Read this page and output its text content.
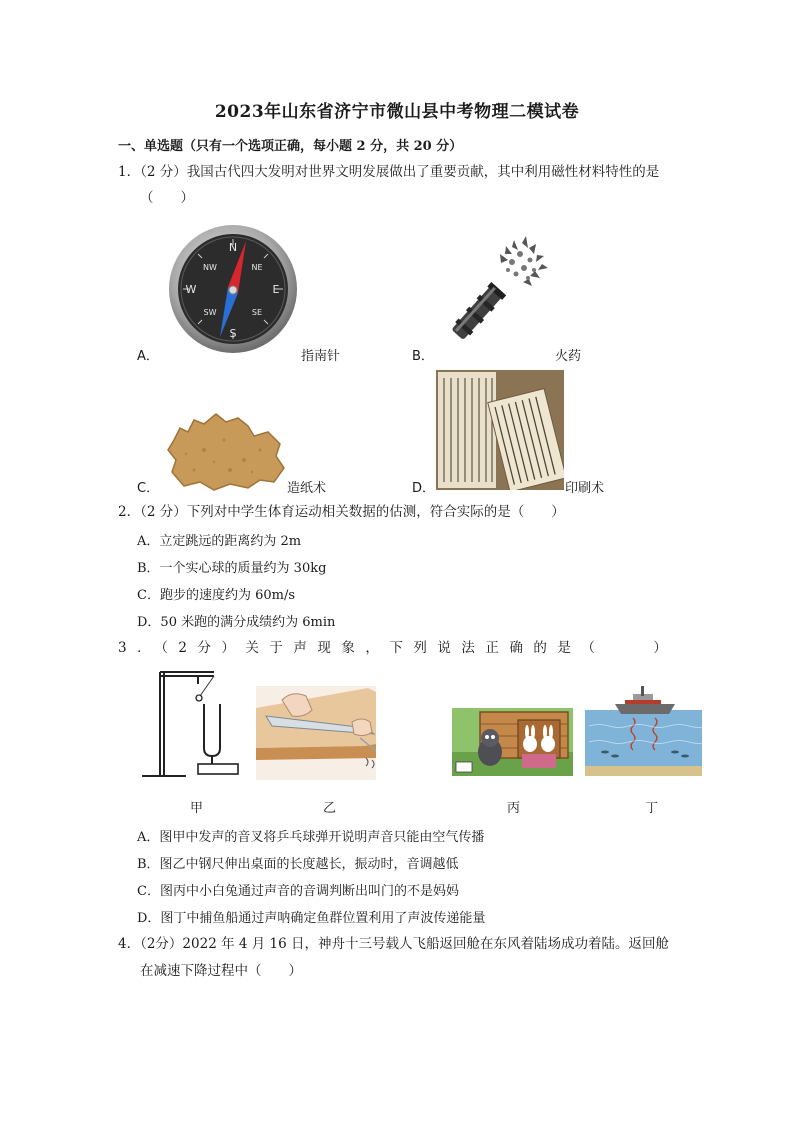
2023年山东省济宁市微山县中考物理二模试卷
一、单选题（只有一个选项正确，每小题 2 分，共 20 分）
1．（2 分）我国古代四大发明对世界文明发展做出了重要贡献，其中利用磁性材料特性的是
（　　）
N
S
E
W
NW	NE
SW	SE
A．	指南针	B．	火药
C．	造纸术	D．	印刷术
2．（2 分）下列对中学生体育运动相关数据的估测，符合实际的是（　　）
A．立定跳远的距离约为 2m
B．一个实心球的质量约为 30kg
C．跑步的速度约为 60m/s
D．50 米跑的满分成绩约为 6min
3．（2分）关于声现象，下列说法正确的是（　　）
甲	乙	丙	丁
A．图甲中发声的音叉将乒乓球弹开说明声音只能由空气传播
B．图乙中钢尺伸出桌面的长度越长，振动时，音调越低
C．图丙中小白兔通过声音的音调判断出叫门的不是妈妈
D．图丁中捕鱼船通过声呐确定鱼群位置利用了声波传递能量
4．（2分）2022 年 4 月 16 日，神舟十三号载人飞船返回舱在东风着陆场成功着陆。返回舱
在减速下降过程中（　　）
